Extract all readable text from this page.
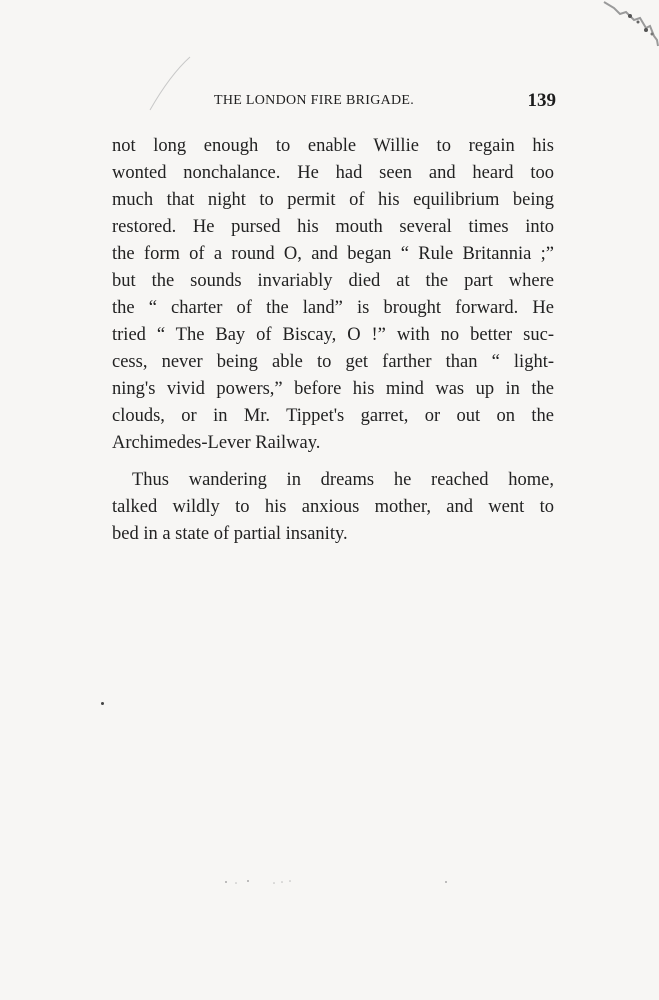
THE LONDON FIRE BRIGADE.	139
not long enough to enable Willie to regain his
wonted nonchalance. He had seen and heard too
much that night to permit of his equilibrium being
restored. He pursed his mouth several times into
the form of a round O, and began “ Rule Britannia ;”
but the sounds invariably died at the part where
the “ charter of the land” is brought forward. He
tried “ The Bay of Biscay, O !” with no better suc-
cess, never being able to get farther than “ light-
ning's vivid powers,” before his mind was up in the
clouds, or in Mr. Tippet's garret, or out on the
Archimedes-Lever Railway.
Thus wandering in dreams he reached home,
talked wildly to his anxious mother, and went to
bed in a state of partial insanity.
